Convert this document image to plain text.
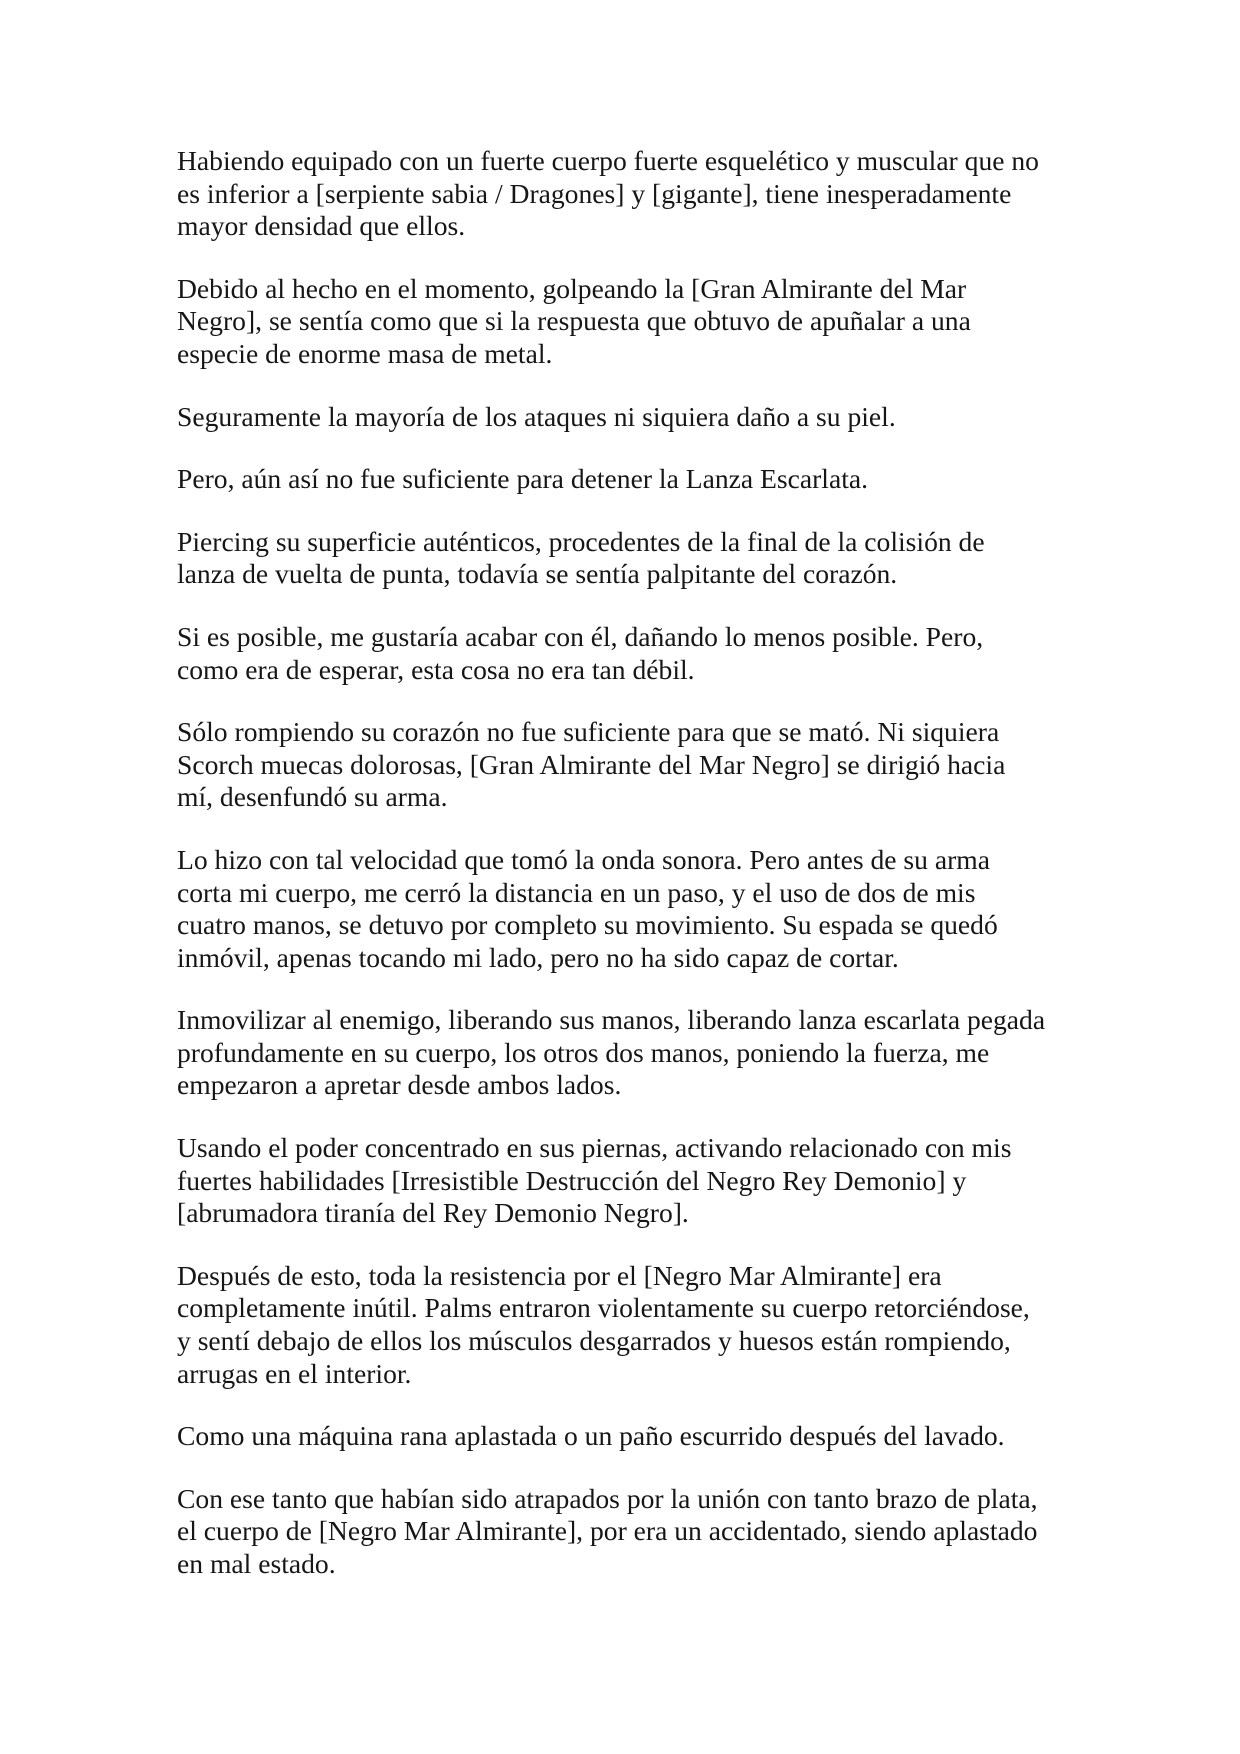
Habiendo equipado con un fuerte cuerpo fuerte esquelético y muscular que no
es inferior a [serpiente sabia / Dragones] y [gigante], tiene inesperadamente
mayor densidad que ellos.

Debido al hecho en el momento, golpeando la [Gran Almirante del Mar
Negro], se sentía como que si la respuesta que obtuvo de apuñalar a una
especie de enorme masa de metal.

Seguramente la mayoría de los ataques ni siquiera daño a su piel.

Pero, aún así no fue suficiente para detener la Lanza Escarlata.

Piercing su superficie auténticos, procedentes de la final de la colisión de
lanza de vuelta de punta, todavía se sentía palpitante del corazón.

Si es posible, me gustaría acabar con él, dañando lo menos posible. Pero,
como era de esperar, esta cosa no era tan débil.

Sólo rompiendo su corazón no fue suficiente para que se mató. Ni siquiera
Scorch muecas dolorosas, [Gran Almirante del Mar Negro] se dirigió hacia
mí, desenfundó su arma.

Lo hizo con tal velocidad que tomó la onda sonora. Pero antes de su arma
corta mi cuerpo, me cerró la distancia en un paso, y el uso de dos de mis
cuatro manos, se detuvo por completo su movimiento. Su espada se quedó
inmóvil, apenas tocando mi lado, pero no ha sido capaz de cortar.

Inmovilizar al enemigo, liberando sus manos, liberando lanza escarlata pegada
profundamente en su cuerpo, los otros dos manos, poniendo la fuerza, me
empezaron a apretar desde ambos lados.

Usando el poder concentrado en sus piernas, activando relacionado con mis
fuertes habilidades [Irresistible Destrucción del Negro Rey Demonio] y
[abrumadora tiranía del Rey Demonio Negro].

Después de esto, toda la resistencia por el [Negro Mar Almirante] era
completamente inútil. Palms entraron violentamente su cuerpo retorciéndose,
y sentí debajo de ellos los músculos desgarrados y huesos están rompiendo,
arrugas en el interior.

Como una máquina rana aplastada o un paño escurrido después del lavado.

Con ese tanto que habían sido atrapados por la unión con tanto brazo de plata,
el cuerpo de [Negro Mar Almirante], por era un accidentado, siendo aplastado
en mal estado.
